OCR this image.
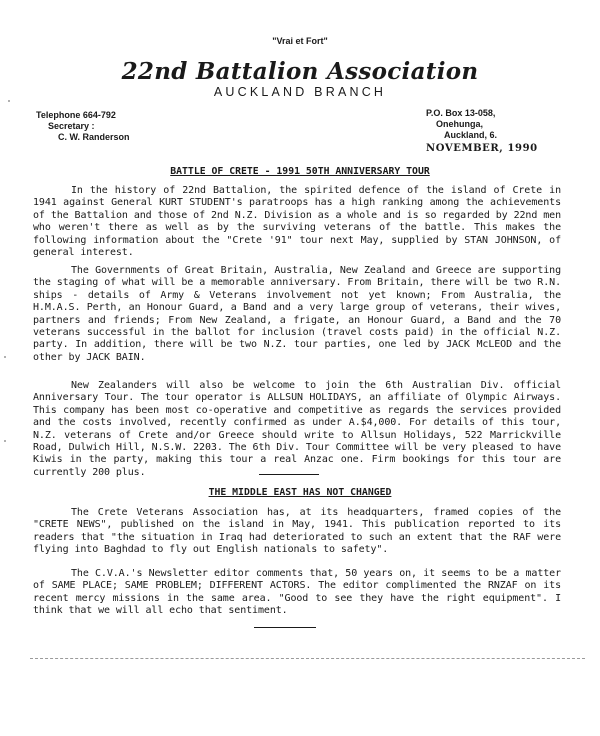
"Vrai et Fort"
22nd Battalion Association
AUCKLAND BRANCH
Telephone 664-792
Secretary :
C. W. Randerson
P.O. Box 13-058,
Onehunga,
Auckland, 6.
NOVEMBER, 1990
BATTLE OF CRETE - 1991 50TH ANNIVERSARY TOUR
In the history of 22nd Battalion, the spirited defence of the island of Crete in 1941 against General KURT STUDENT's paratroops has a high ranking among the achievements of the Battalion and those of 2nd N.Z. Division as a whole and is so regarded by 22nd men who weren't there as well as by the surviving veterans of the battle. This makes the following information about the "Crete '91" tour next May, supplied by STAN JOHNSON, of general interest.
The Governments of Great Britain, Australia, New Zealand and Greece are supporting the staging of what will be a memorable anniversary. From Britain, there will be two R.N. ships - details of Army & Veterans involvement not yet known; From Australia, the H.M.A.S. Perth, an Honour Guard, a Band and a very large group of veterans, their wives, partners and friends; From New Zealand, a frigate, an Honour Guard, a Band and the 70 veterans successful in the ballot for inclusion (travel costs paid) in the official N.Z. party. In addition, there will be two N.Z. tour parties, one led by JACK McLEOD and the other by JACK BAIN.
New Zealanders will also be welcome to join the 6th Australian Div. official Anniversary Tour. The tour operator is ALLSUN HOLIDAYS, an affiliate of Olympic Airways. This company has been most co-operative and competitive as regards the services provided and the costs involved, recently confirmed as under A.$4,000. For details of this tour, N.Z. veterans of Crete and/or Greece should write to Allsun Holidays, 522 Marrickville Road, Dulwich Hill, N.S.W. 2203. The 6th Div. Tour Committee will be very pleased to have Kiwis in the party, making this tour a real Anzac one. Firm bookings for this tour are currently 200 plus.
THE MIDDLE EAST HAS NOT CHANGED
The Crete Veterans Association has, at its headquarters, framed copies of the "CRETE NEWS", published on the island in May, 1941. This publication reported to its readers that "the situation in Iraq had deteriorated to such an extent that the RAF were flying into Baghdad to fly out English nationals to safety".
The C.V.A.'s Newsletter editor comments that, 50 years on, it seems to be a matter of SAME PLACE; SAME PROBLEM; DIFFERENT ACTORS. The editor complimented the RNZAF on its recent mercy missions in the same area. "Good to see they have the right equipment". I think that we will all echo that sentiment.
